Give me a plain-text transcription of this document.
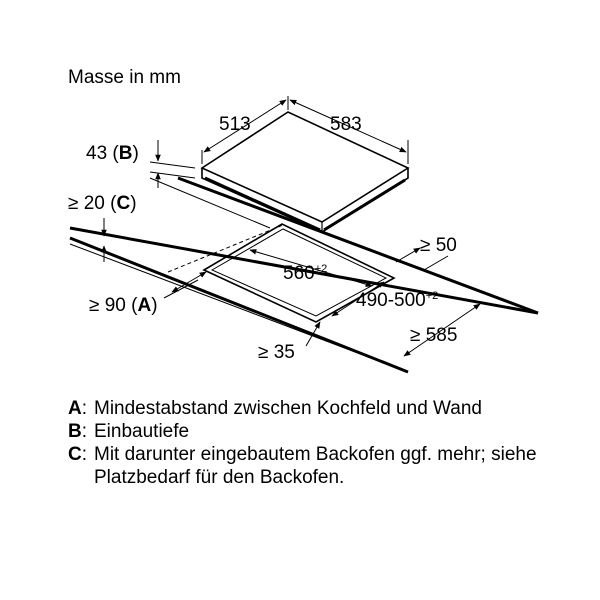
Masse in mm
513	583
43 (B)
≥ 20 (C)
$560^{+2}$
≥ 50
$490-500^{+2}$
≥ 90 (A)
≥ 585
≥ 35
A: Mindestabstand zwischen Kochfeld und Wand
B: Einbautiefe
C: Mit darunter eingebautem Backofen ggf. mehr; siehe Platzbedarf für den Backofen.
